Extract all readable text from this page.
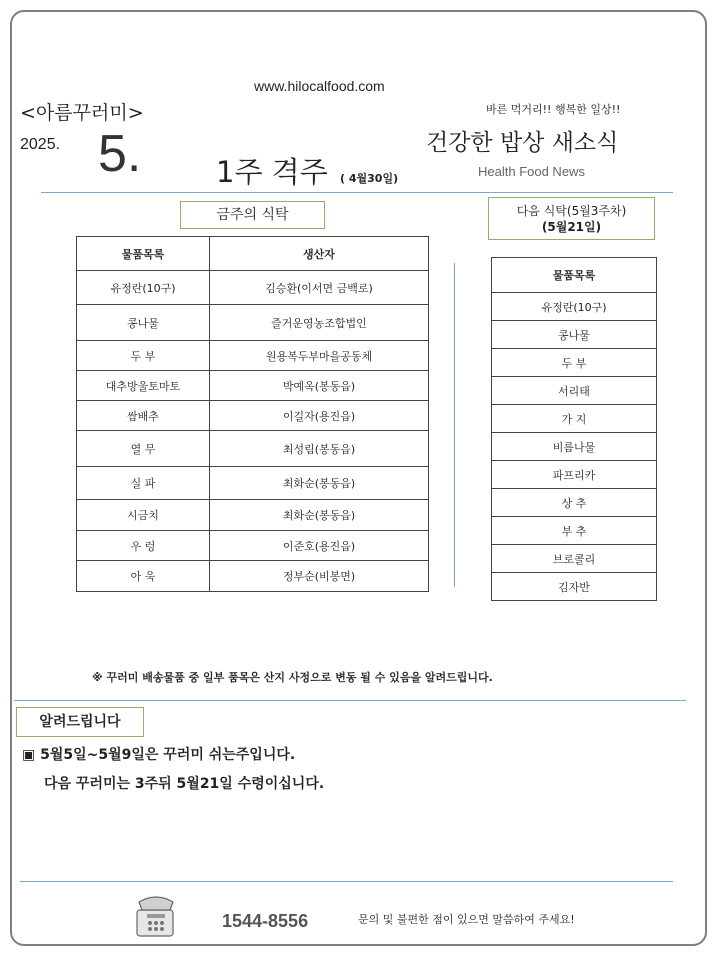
www.hilocalfood.com
<아름꾸러미>	바른 먹거리!! 행복한 일상!!
2025. 5.	건강한 밥상 새소식
1주 격주 ( 4월30일)	Health Food News
금주의 식탁
물품목록	생산자
유정란(10구)	김승환(이서면 금백로)
콩나물	즐거운영농조합법인
두 부	원용복두부마을공동체
대추방울토마토	박예옥(봉동읍)
쌈배추	이길자(용진읍)
열 무	최성림(봉동읍)
실 파	최화순(봉동읍)
시금치	최화순(봉동읍)
우 렁	이준호(용진읍)
아 욱	정부순(비봉면)
다음 식탁(5월3주차)
(5월21일)
물품목록
유정란(10구)
콩나물
두 부
서리태
가 지
비름나물
파프리카
상 추
부 추
브로콜리
김자반
※ 꾸러미 배송물품 중 일부 품목은 산지 사정으로 변동 될 수 있음을 알려드립니다.
알려드립니다
▣ 5월5일~5월9일은 꾸러미 쉬는주입니다.
다음 꾸러미는 3주뒤 5월21일 수령이십니다.
1544-8556	문의 및 불편한 점이 있으면 말씀하여 주세요!
